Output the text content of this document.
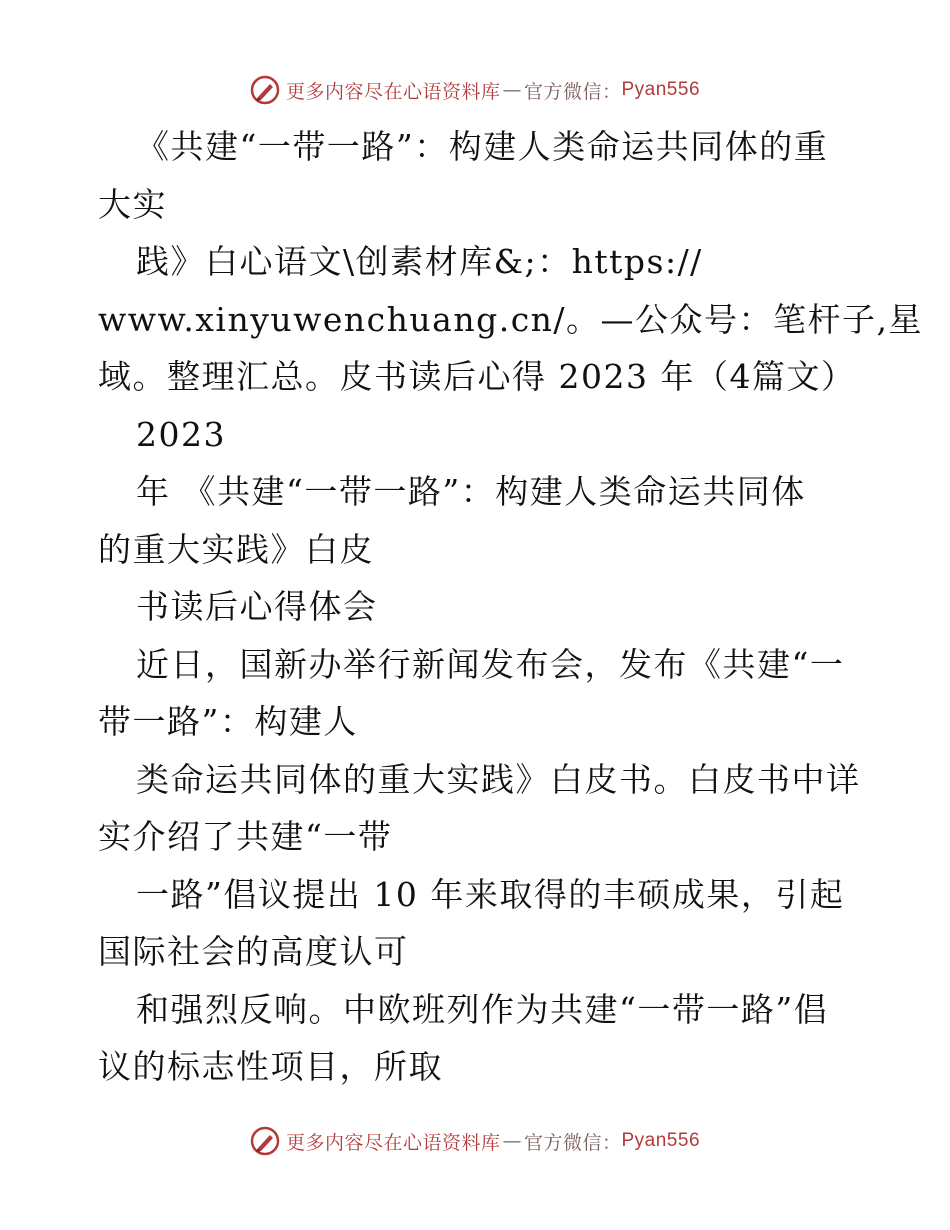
更多内容尽在心语资料库 — 官方微信： Pyan556
《共建“一带一路”：构建人类命运共同体的重
大实
践》白心语文\创素材库&;：https://
www.xinyuwenchuang.cn/。—公众号：笔杆子,星
域。整理汇总。皮书读后心得 2023 年（4篇文）
2023
年 《共建“一带一路”：构建人类命运共同体
的重大实践》白皮
书读后心得体会
近日，国新办举行新闻发布会，发布《共建“一
带一路”：构建人
类命运共同体的重大实践》白皮书。白皮书中详
实介绍了共建“一带
一路”倡议提出 10 年来取得的丰硕成果，引起
国际社会的高度认可
和强烈反响。中欧班列作为共建“一带一路”倡
议的标志性项目，所取
更多内容尽在心语资料库 — 官方微信： Pyan556
